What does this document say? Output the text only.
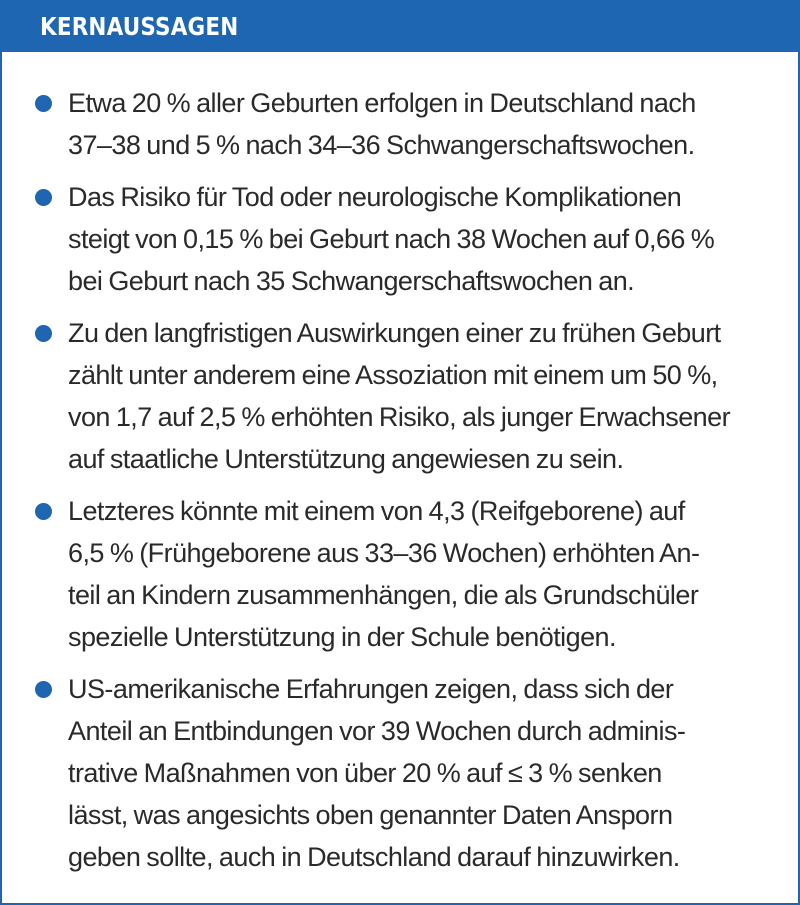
KERNAUSSAGEN
Etwa 20 % aller Geburten erfolgen in Deutschland nach
37–38 und 5 % nach 34–36 Schwangerschaftswochen.
Das Risiko für Tod oder neurologische Komplikationen
steigt von 0,15 % bei Geburt nach 38 Wochen auf 0,66 %
bei Geburt nach 35 Schwangerschaftswochen an.
Zu den langfristigen Auswirkungen einer zu frühen Geburt
zählt unter anderem eine Assoziation mit einem um 50 %,
von 1,7 auf 2,5 % erhöhten Risiko, als junger Erwachsener
auf staatliche Unterstützung angewiesen zu sein.
Letzteres könnte mit einem von 4,3 (Reifgeborene) auf
6,5 % (Frühgeborene aus 33–36 Wochen) erhöhten An-
teil an Kindern zusammenhängen, die als Grundschüler
spezielle Unterstützung in der Schule benötigen.
US-amerikanische Erfahrungen zeigen, dass sich der
Anteil an Entbindungen vor 39 Wochen durch adminis-
trative Maßnahmen von über 20 % auf ≤ 3 % senken
lässt, was angesichts oben genannter Daten Ansporn
geben sollte, auch in Deutschland darauf hinzuwirken.
